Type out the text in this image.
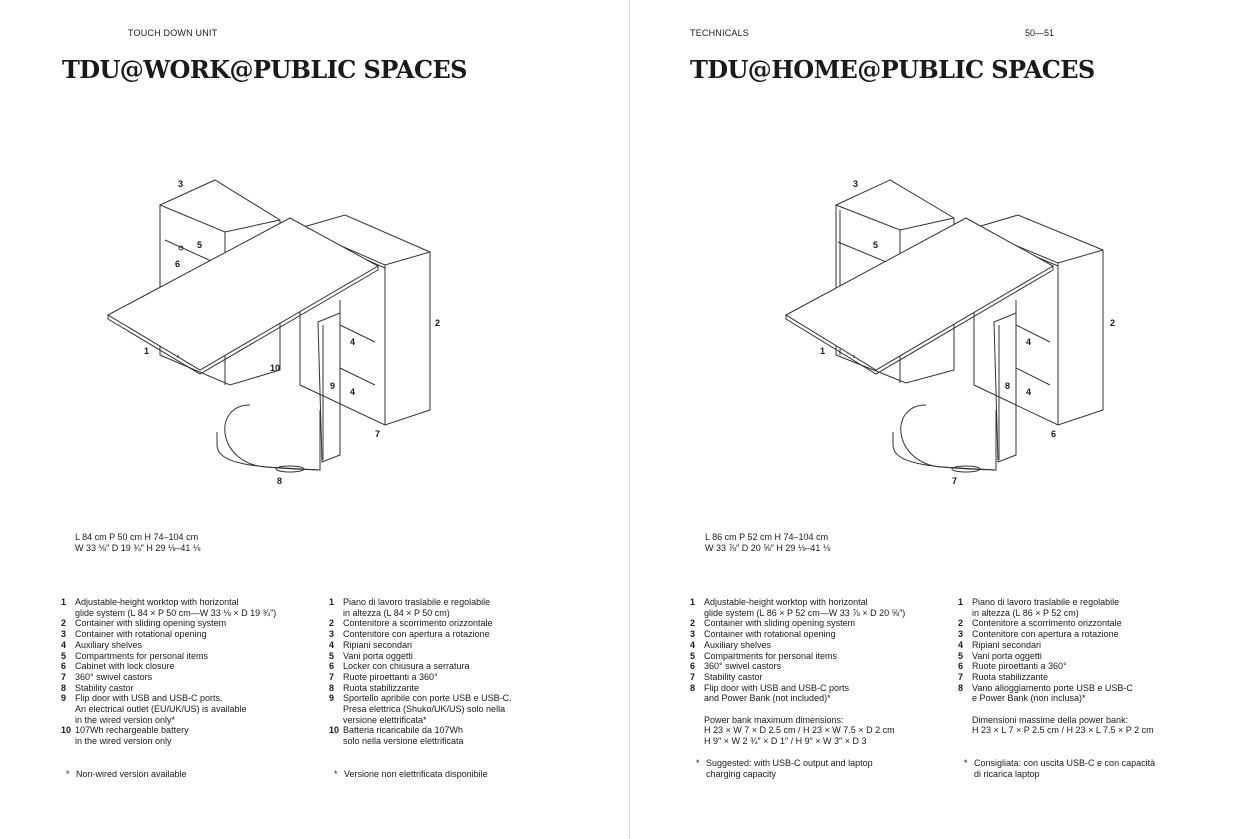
TOUCH DOWN UNIT
TDU@WORK@PUBLIC SPACES
3
5
6
2
1
4
10
9
4
7
8
L 84 cm P 50 cm H 74–104 cm
W 33 ⅛″ D 19 ¾″ H 29 ⅛–41 ⅛
1 Adjustable-height worktop with horizontal
glide system (L 84 × P 50 cm—W 33 ⅛ × D 19 ¾″)
2 Container with sliding opening system
3 Container with rotational opening
4 Auxiliary shelves
5 Compartments for personal items
6 Cabinet with lock closure
7 360° swivel castors
8 Stability castor
9 Flip door with USB and USB-C ports.
An electrical outlet (EU/UK/US) is available
in the wired version only*
10 107Wh rechargeable battery
in the wired version only
1 Piano di lavoro traslabile e regolabile
in altezza (L 84 × P 50 cm)
2 Contenitore a scorrimento orizzontale
3 Contenitore con apertura a rotazione
4 Ripiani secondari
5 Vani porta oggetti
6 Locker con chiusura a serratura
7 Ruote piroettanti a 360°
8 Ruota stabilizzante
9 Sportello apribile con porte USB e USB-C.
Presa elettrica (Shuko/UK/US) solo nella
versione elettrificata*
10 Batteria ricaricabile da 107Wh
solo nella versione elettrificata
* Non-wired version available	* Versione non elettrificata disponibile
TECHNICALS	50—51
TDU@HOME@PUBLIC SPACES
3
5
2
1
4
8
4
6
7
L 86 cm P 52 cm H 74–104 cm
W 33 ⅞″ D 20 ⅝″ H 29 ⅛–41 ⅛
1 Adjustable-height worktop with horizontal
glide system (L 86 × P 52 cm—W 33 ⅞ × D 20 ⅝″)
2 Container with sliding opening system
3 Container with rotational opening
4 Auxiliary shelves
5 Compartments for personal items
6 360° swivel castors
7 Stability castor
8 Flip door with USB and USB-C ports
and Power Bank (not included)*
Power bank maximum dimensions:
H 23 × W 7 × D 2.5 cm / H 23 × W 7.5 × D 2 cm
H 9″ × W 2 ¾″ × D 1″ / H 9″ × W 3″ × D 3
1 Piano di lavoro traslabile e regolabile
in altezza (L 86 × P 52 cm)
2 Contenitore a scorrimento orizzontale
3 Contenitore con apertura a rotazione
4 Ripiani secondari
5 Vani porta oggetti
6 Ruote piroettanti a 360°
7 Ruota stabilizzante
8 Vano alloggiamento porte USB e USB-C
e Power Bank (non inclusa)*
Dimensioni massime della power bank:
H 23 × L 7 × P 2.5 cm / H 23 × L 7.5 × P 2 cm
* Suggested: with USB-C output and laptop
charging capacity
* Consigliata: con uscita USB-C e con capacità
di ricarica laptop
